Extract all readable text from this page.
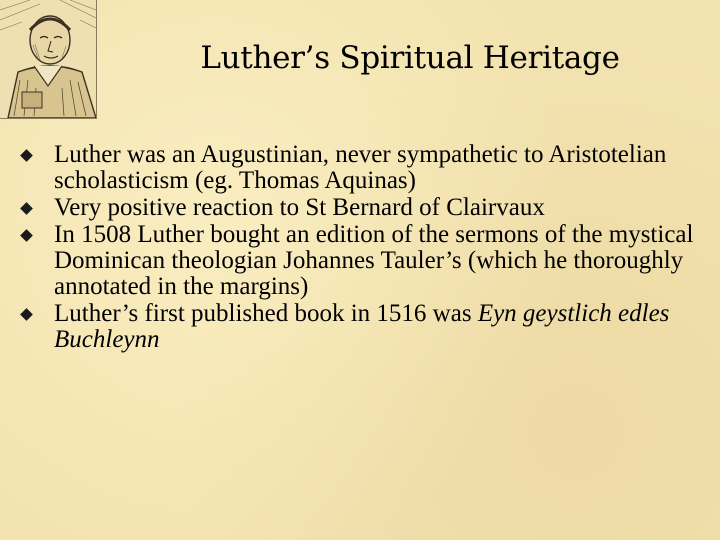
Luther’s Spiritual Heritage
Luther was an Augustinian, never sympathetic to Aristotelian scholasticism (eg. Thomas Aquinas)
Very positive reaction to St Bernard of Clairvaux
In 1508 Luther bought an edition of the sermons of the mystical Dominican theologian Johannes Tauler’s (which he thoroughly annotated in the margins)
Luther’s first published book in 1516 was Eyn geystlich edles Buchleynn
